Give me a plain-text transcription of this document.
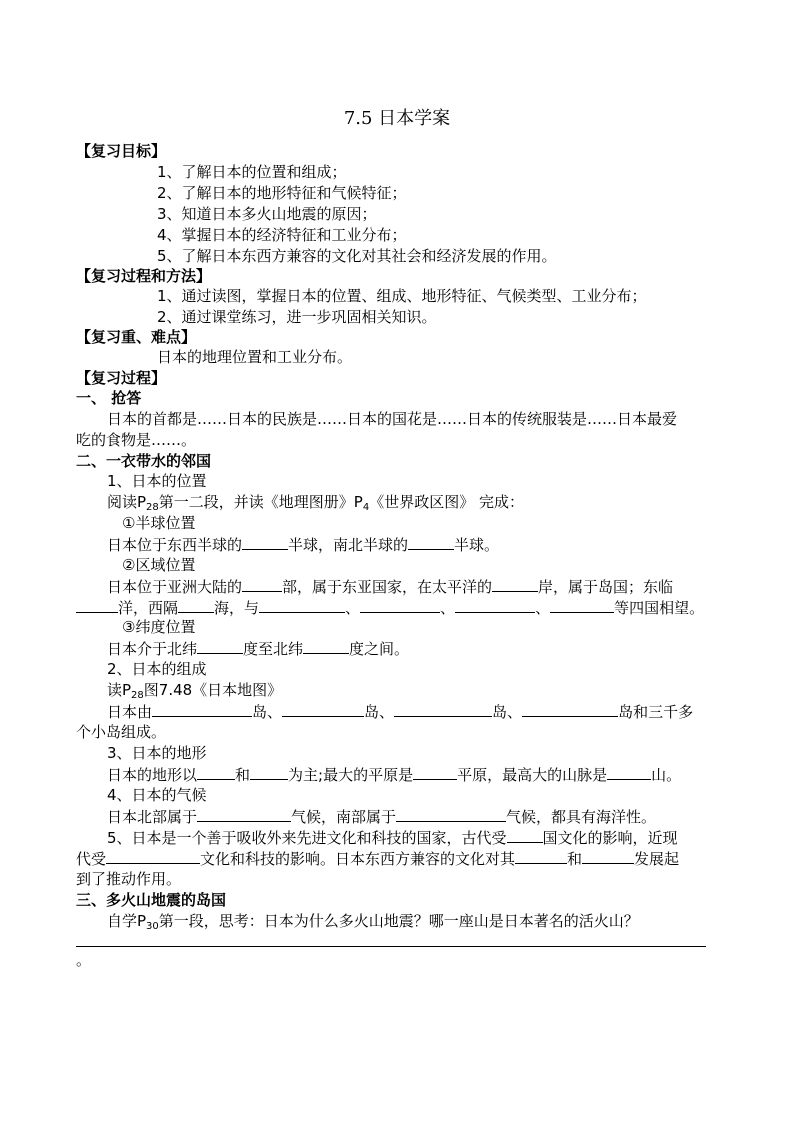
7.5 日本学案
【复习目标】
1、了解日本的位置和组成；
2、了解日本的地形特征和气候特征；
3、知道日本多火山地震的原因；
4、掌握日本的经济特征和工业分布；
5、了解日本东西方兼容的文化对其社会和经济发展的作用。
【复习过程和方法】
1、通过读图，掌握日本的位置、组成、地形特征、气候类型、工业分布；
2、通过课堂练习，进一步巩固相关知识。
【复习重、难点】
日本的地理位置和工业分布。
【复习过程】
一、 抢答
日本的首都是……日本的民族是……日本的国花是……日本的传统服装是……日本最爱
吃的食物是……。
二、一衣带水的邻国
1、日本的位置
阅读$P_{28}$第一二段，并读《地理图册》$P_4$《世界政区图》 完成：
①半球位置
日本位于东西半球的	半球，南北半球的	半球。
②区域位置
日本位于亚洲大陆的	部，属于东亚国家，在太平洋的	岸，属于岛国；东临
洋，西隔 海，与	、	、	、	等四国相望。
③纬度位置
日本介于北纬	度至北纬	度之间。
2、日本的组成
读$P_{28}$图7.48《日本地图》
日本由	岛、	岛、	岛、	岛和三千多
个小岛组成。
3、日本的地形
日本的地形以	和	为主;最大的平原是	平原，最高大的山脉是	山。
4、日本的气候
日本北部属于	气候，南部属于	气候，都具有海洋性。
5、日本是一个善于吸收外来先进文化和科技的国家，古代受 国文化的影响，近现
代受	文化和科技的影响。日本东西方兼容的文化对其	和	发展起
到了推动作用。
三、多火山地震的岛国
自学$P_{30}$第一段，思考：日本为什么多火山地震？哪一座山是日本著名的活火山？
。
